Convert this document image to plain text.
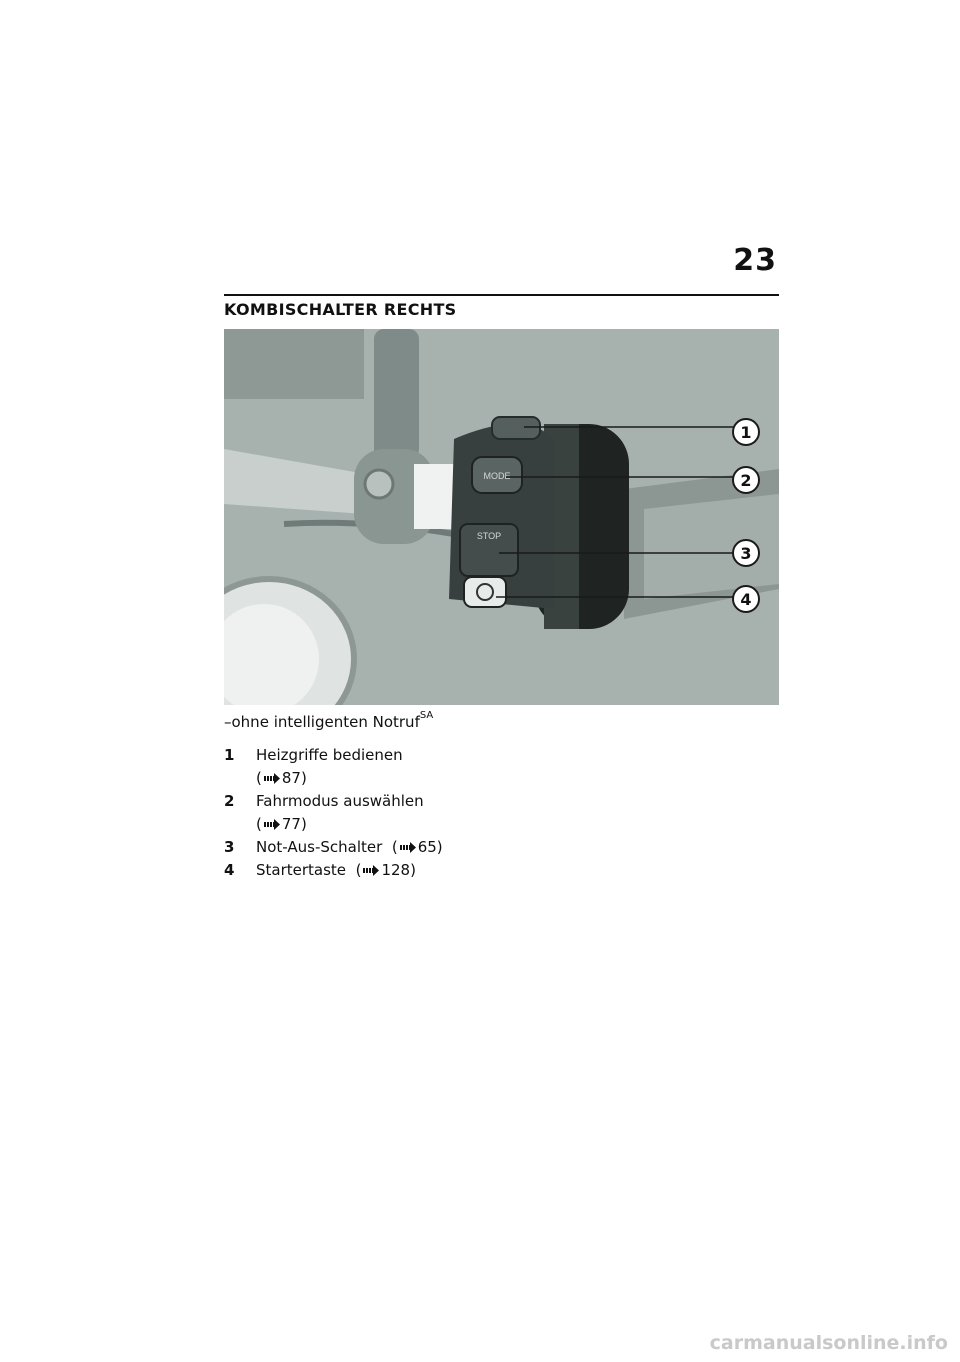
23
KOMBISCHALTER RECHTS
MODE
STOP
1
2
3
4
–ohne intelligenten Notruf$^{SA}$
1	Heizgriffe bedienen
( 87)
2	Fahrmodus auswählen
( 77)
3	Not-Aus-Schalter ( 65)
4	Startertaste ( 128)
carmanualsonline.info
